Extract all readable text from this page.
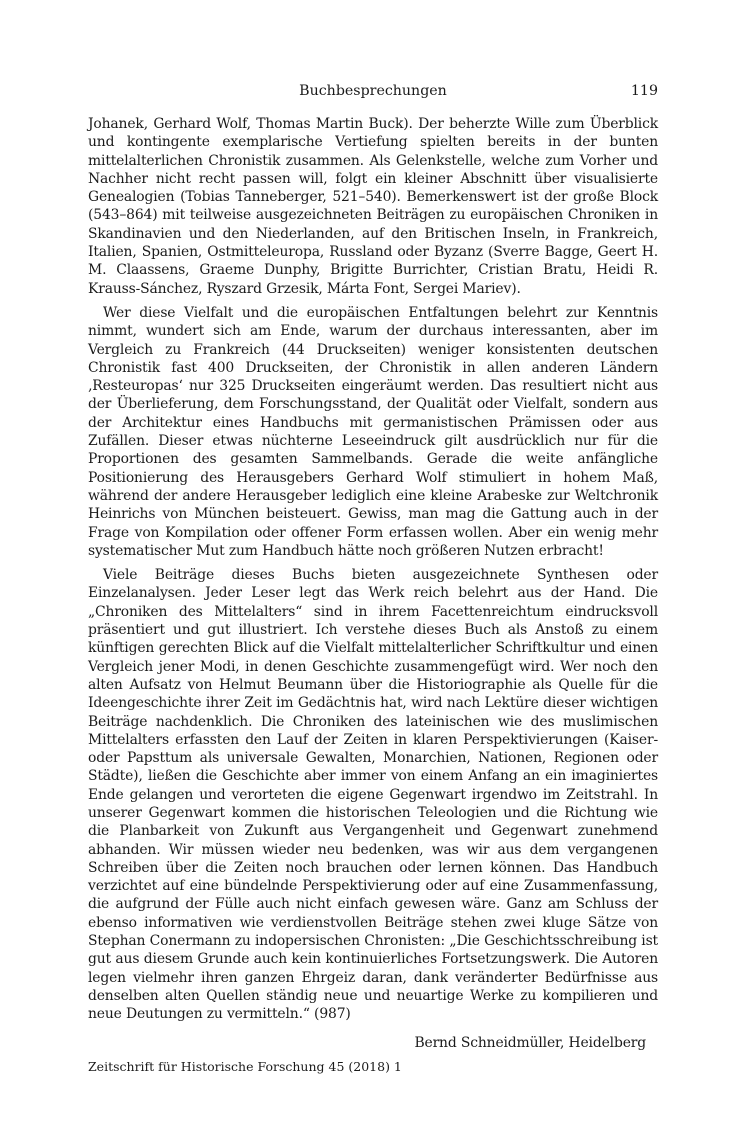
Buchbesprechungen	119

Johanek, Gerhard Wolf, Thomas Martin Buck). Der beherzte Wille zum Überblick und kontingente exemplarische Vertiefung spielten bereits in der bunten mittelalterlichen Chronistik zusammen. Als Gelenkstelle, welche zum Vorher und Nachher nicht recht passen will, folgt ein kleiner Abschnitt über visualisierte Genealogien (Tobias Tanneberger, 521–540). Bemerkenswert ist der große Block (543–864) mit teilweise ausgezeichneten Beiträgen zu europäischen Chroniken in Skandinavien und den Niederlanden, auf den Britischen Inseln, in Frankreich, Italien, Spanien, Ostmitteleuropa, Russland oder Byzanz (Sverre Bagge, Geert H. M. Claassens, Graeme Dunphy, Brigitte Burrichter, Cristian Bratu, Heidi R. Krauss-Sánchez, Ryszard Grzesik, Márta Font, Sergei Mariev).

Wer diese Vielfalt und die europäischen Entfaltungen belehrt zur Kenntnis nimmt, wundert sich am Ende, warum der durchaus interessanten, aber im Vergleich zu Frankreich (44 Druckseiten) weniger konsistenten deutschen Chronistik fast 400 Druckseiten, der Chronistik in allen anderen Ländern ‚Resteuropas‘ nur 325 Druckseiten eingeräumt werden. Das resultiert nicht aus der Überlieferung, dem Forschungsstand, der Qualität oder Vielfalt, sondern aus der Architektur eines Handbuchs mit germanistischen Prämissen oder aus Zufällen. Dieser etwas nüchterne Leseeindruck gilt ausdrücklich nur für die Proportionen des gesamten Sammelbands. Gerade die weite anfängliche Positionierung des Herausgebers Gerhard Wolf stimuliert in hohem Maß, während der andere Herausgeber lediglich eine kleine Arabeske zur Weltchronik Heinrichs von München beisteuert. Gewiss, man mag die Gattung auch in der Frage von Kompilation oder offener Form erfassen wollen. Aber ein wenig mehr systematischer Mut zum Handbuch hätte noch größeren Nutzen erbracht!

Viele Beiträge dieses Buchs bieten ausgezeichnete Synthesen oder Einzelanalysen. Jeder Leser legt das Werk reich belehrt aus der Hand. Die „Chroniken des Mittelalters“ sind in ihrem Facettenreichtum eindrucksvoll präsentiert und gut illustriert. Ich verstehe dieses Buch als Anstoß zu einem künftigen gerechten Blick auf die Vielfalt mittelalterlicher Schriftkultur und einen Vergleich jener Modi, in denen Geschichte zusammengefügt wird. Wer noch den alten Aufsatz von Helmut Beumann über die Historiographie als Quelle für die Ideengeschichte ihrer Zeit im Gedächtnis hat, wird nach Lektüre dieser wichtigen Beiträge nachdenklich. Die Chroniken des lateinischen wie des muslimischen Mittelalters erfassten den Lauf der Zeiten in klaren Perspektivierungen (Kaiser- oder Papsttum als universale Gewalten, Monarchien, Nationen, Regionen oder Städte), ließen die Geschichte aber immer von einem Anfang an ein imaginiertes Ende gelangen und verorteten die eigene Gegenwart irgendwo im Zeitstrahl. In unserer Gegenwart kommen die historischen Teleologien und die Richtung wie die Planbarkeit von Zukunft aus Vergangenheit und Gegenwart zunehmend abhanden. Wir müssen wieder neu bedenken, was wir aus dem vergangenen Schreiben über die Zeiten noch brauchen oder lernen können. Das Handbuch verzichtet auf eine bündelnde Perspektivierung oder auf eine Zusammenfassung, die aufgrund der Fülle auch nicht einfach gewesen wäre. Ganz am Schluss der ebenso informativen wie verdienstvollen Beiträge stehen zwei kluge Sätze von Stephan Conermann zu indopersischen Chronisten: „Die Geschichtsschreibung ist gut aus diesem Grunde auch kein kontinuierliches Fortsetzungswerk. Die Autoren legen vielmehr ihren ganzen Ehrgeiz daran, dank veränderter Bedürfnisse aus denselben alten Quellen ständig neue und neuartige Werke zu kompilieren und neue Deutungen zu vermitteln.“ (987)

Bernd Schneidmüller, Heidelberg
Zeitschrift für Historische Forschung 45 (2018) 1
